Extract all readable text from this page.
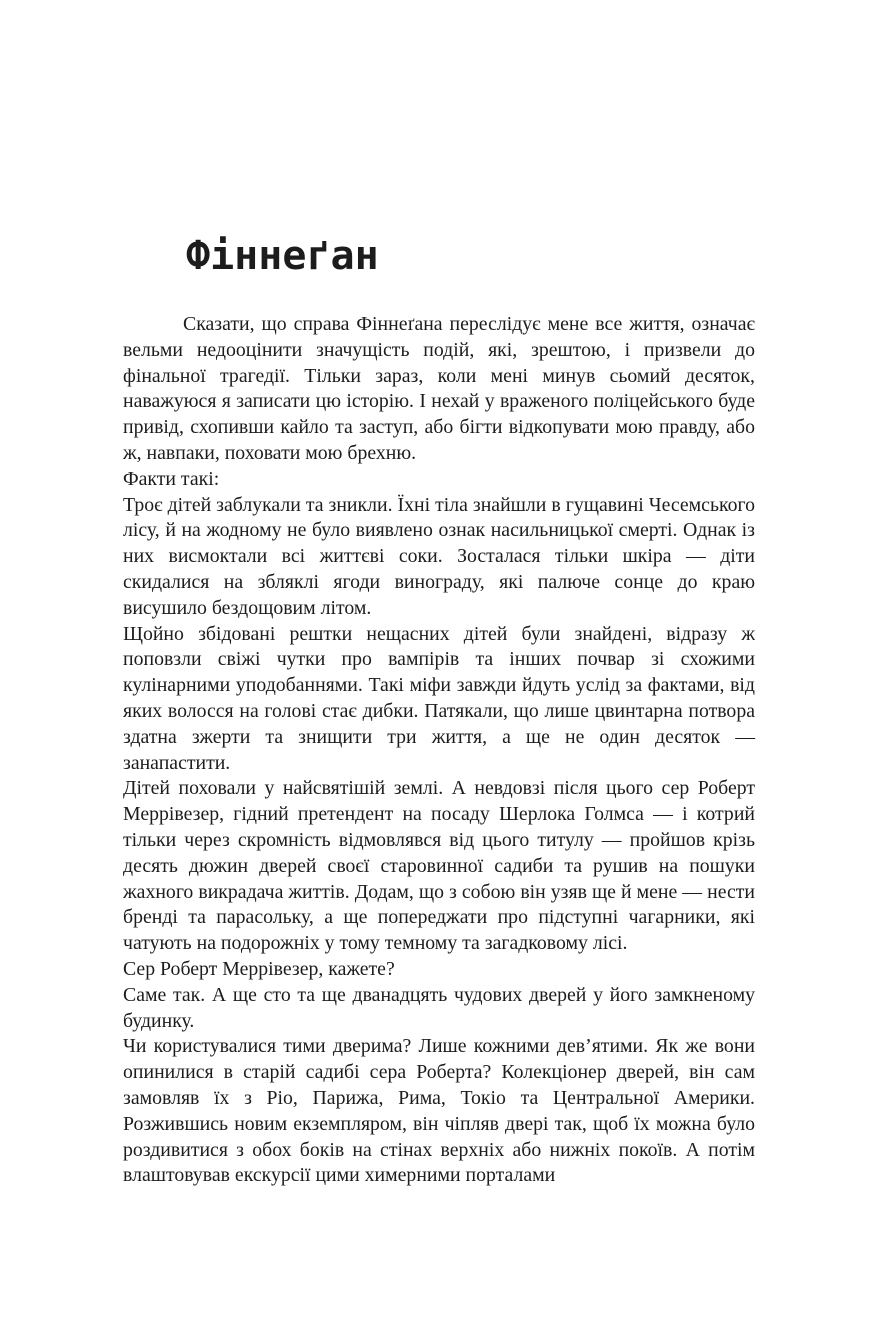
Фіннеґан

Сказати, що справа Фіннеґана переслідує мене все життя, означає вельми недооцінити значущість подій, які, зрештою, і призвели до фінальної трагедії. Тільки зараз, коли мені минув сьомий десяток, наважуюся я записати цю історію. І нехай у враженого поліцейського буде привід, схопивши кайло та заступ, або бігти відкопувати мою правду, або ж, навпаки, поховати мою брехню.

Факти такі:

Троє дітей заблукали та зникли. Їхні тіла знайшли в гущавині Чесемського лісу, й на жодному не було виявлено ознак насильницької смерті. Однак із них висмоктали всі життєві соки. Зосталася тільки шкіра — діти скидалися на збляклі ягоди винограду, які палюче сонце до краю висушило бездощовим літом.

Щойно збідовані рештки нещасних дітей були знайдені, відразу ж поповзли свіжі чутки про вампірів та інших почвар зі схожими кулінарними уподобаннями. Такі міфи завжди йдуть услід за фактами, від яких волосся на голові стає дибки. Патякали, що лише цвинтарна потвора здатна зжерти та знищити три життя, а ще не один десяток — занапастити.

Дітей поховали у найсвятішій землі. А невдовзі після цього сер Роберт Меррівезер, гідний претендент на посаду Шерлока Голмса — і котрий тільки через скромність відмовлявся від цього титулу — пройшов крізь десять дюжин дверей своєї старовинної садиби та рушив на пошуки жахного викрадача життів. Додам, що з собою він узяв ще й мене — нести бренді та парасольку, а ще попереджати про підступні чагарники, які чатують на подорожніх у тому темному та загадковому лісі.

Сер Роберт Меррівезер, кажете?

Саме так. А ще сто та ще дванадцять чудових дверей у його замкненому будинку.

Чи користувалися тими дверима? Лише кожними дев’ятими. Як же вони опинилися в старій садибі сера Роберта? Колекціонер дверей, він сам замовляв їх з Ріо, Парижа, Рима, Токіо та Центральної Америки. Розжившись новим екземпляром, він чіпляв двері так, щоб їх можна було роздивитися з обох боків на стінах верхніх або нижніх покоїв. А потім влаштовував екскурсії цими химерними порталами
